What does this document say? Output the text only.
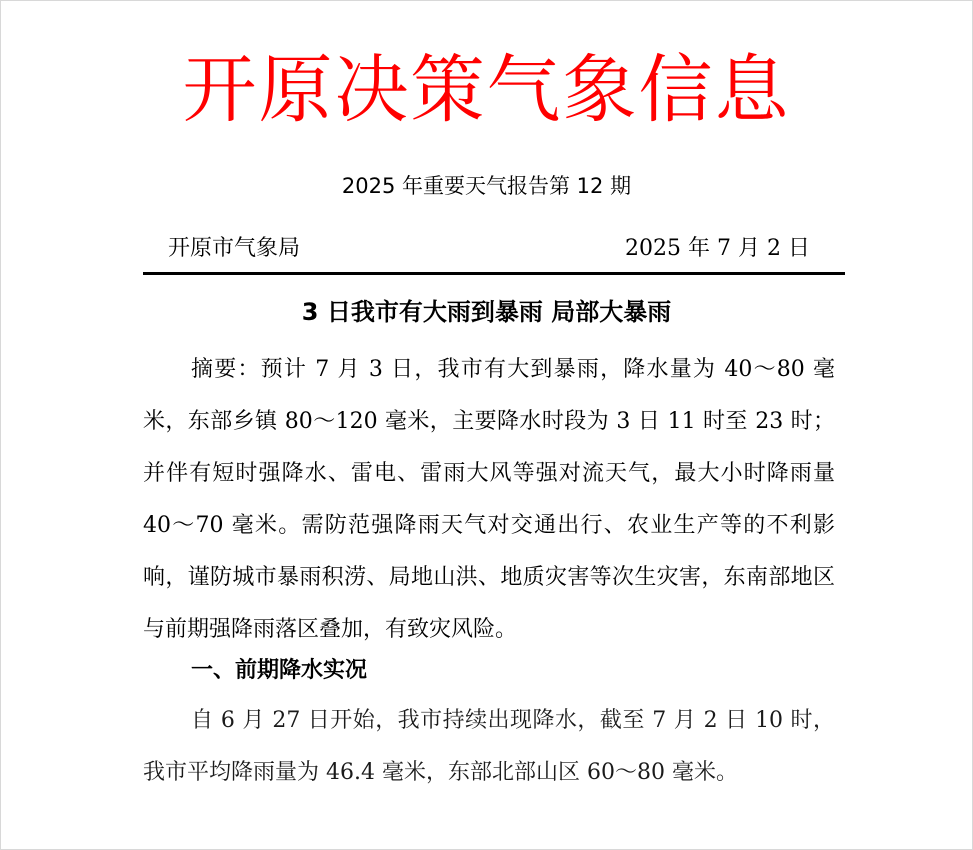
开原决策气象信息
2025 年重要天气报告第 12 期
开原市气象局	2025 年 7 月 2 日
3 日我市有大雨到暴雨 局部大暴雨

摘要：预计 7 月 3 日，我市有大到暴雨，降水量为 40～80 毫米，东部乡镇 80～120 毫米，主要降水时段为 3 日 11 时至 23 时；并伴有短时强降水、雷电、雷雨大风等强对流天气，最大小时降雨量 40～70 毫米。需防范强降雨天气对交通出行、农业生产等的不利影响，谨防城市暴雨积涝、局地山洪、地质灾害等次生灾害，东南部地区与前期强降雨落区叠加，有致灾风险。

一、前期降水实况

自 6 月 27 日开始，我市持续出现降水，截至 7 月 2 日 10 时，我市平均降雨量为 46.4 毫米，东部北部山区 60～80 毫米。
